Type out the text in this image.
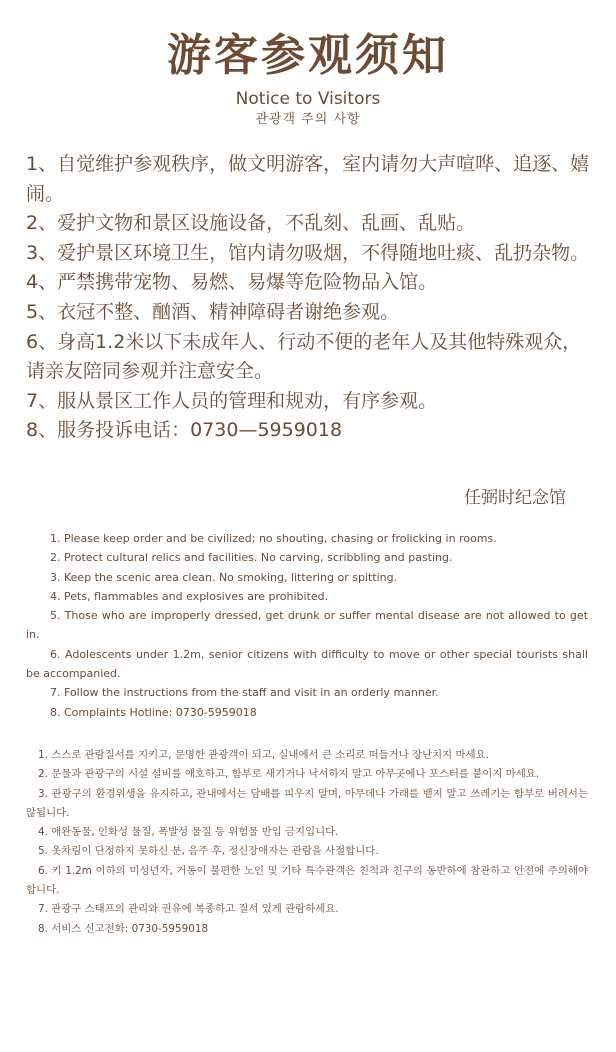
游客参观须知
Notice to Visitors
관광객 주의 사항

1、自觉维护参观秩序，做文明游客，室内请勿大声喧哗、追逐、嬉闹。

2、爱护文物和景区设施设备，不乱刻、乱画、乱贴。

3、爱护景区环境卫生，馆内请勿吸烟，不得随地吐痰、乱扔杂物。

4、严禁携带宠物、易燃、易爆等危险物品入馆。

5、衣冠不整、酗酒、精神障碍者谢绝参观。

6、身高1.2米以下未成年人、行动不便的老年人及其他特殊观众，请亲友陪同参观并注意安全。

7、服从景区工作人员的管理和规劝，有序参观。

8、服务投诉电话：0730—5959018

任弼时纪念馆

1. Please keep order and be civilized; no shouting, chasing or frolicking in rooms.

2. Protect cultural relics and facilities. No carving, scribbling and pasting.

3. Keep the scenic area clean. No smoking, littering or spitting.

4. Pets, flammables and explosives are prohibited.

5. Those who are improperly dressed, get drunk or suffer mental disease are not allowed to get in.

6. Adolescents under 1.2m, senior citizens with difficulty to move or other special tourists shall be accompanied.

7. Follow the instructions from the staff and visit in an orderly manner.

8. Complaints Hotline: 0730-5959018

1. 스스로 관람질서를 지키고, 문명한 관광객이 되고, 실내에서 큰 소리로 떠들거나 장난치지 마세요.

2. 문물과 관광구의 시설 설비를 애호하고, 함부로 새기거나 낙서하지 말고 아무곳에나 포스터를 붙이지 마세요.

3. 관광구의 환경위생을 유지하고, 관내에서는 담배를 피우지 말며, 아무데나 가래를 뱉지 말고 쓰레기는 함부로 버려서는 않됩니다.

4. 애완동물, 인화성 물질, 폭발성 물질 등 위험물 반입 금지입니다.

5. 옷차림이 단정하지 못하신 분, 음주 후, 정신장애자는 관람을 사절합니다.

6. 키 1.2m 이하의 미성년자, 거동이 불편한 노인 및 기타 특수관객은 친척과 친구의 동반하에 참관하고 안전에 주의해야 합니다.

7. 관광구 스태프의 관리와 권유에 복종하고 질서 있게 관람하세요.

8. 서비스 신고전화: 0730-5959018
